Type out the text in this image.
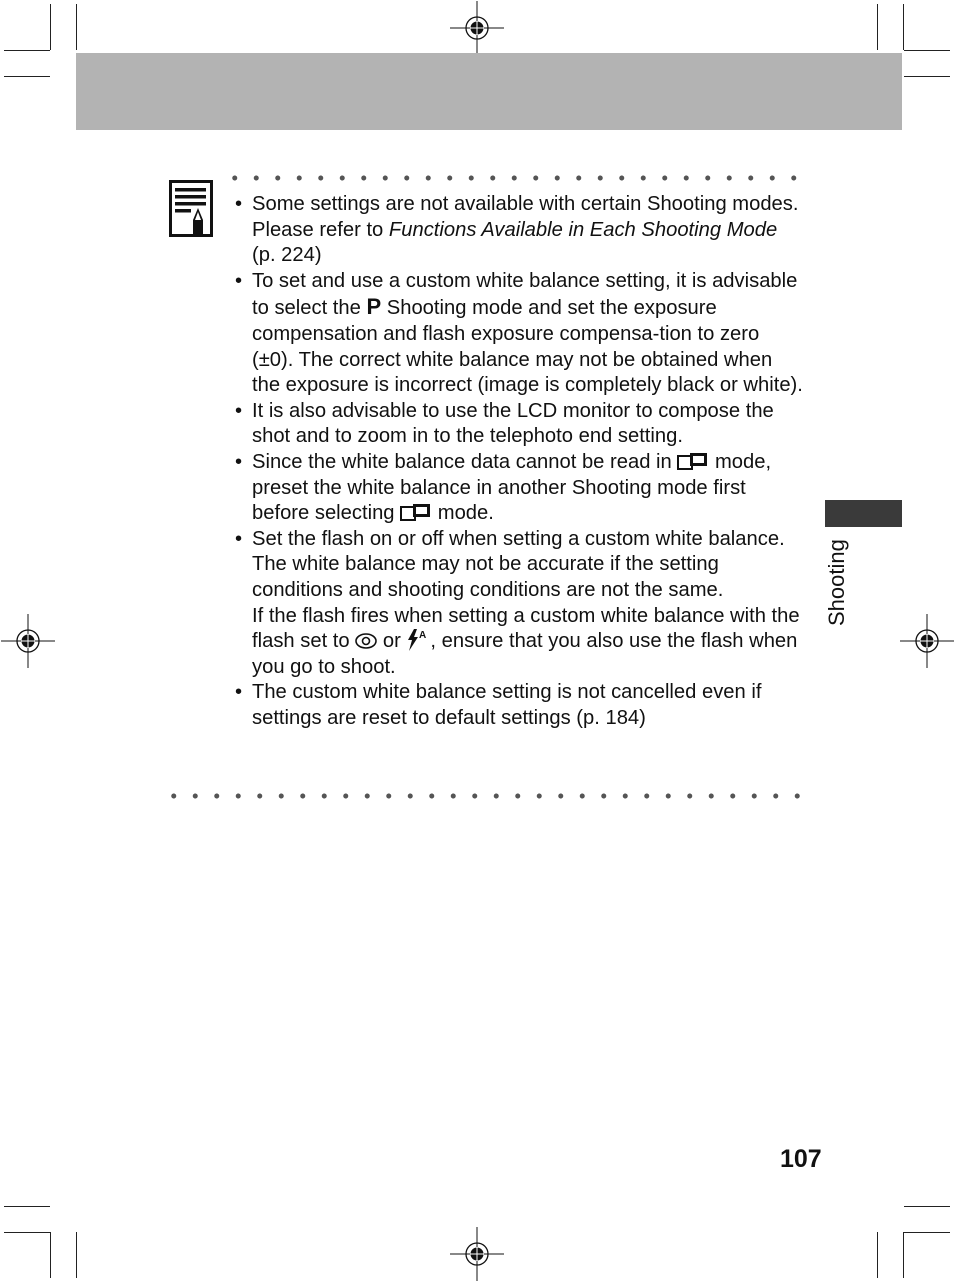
• Some settings are not available with certain Shooting modes. Please refer to Functions Available in Each Shooting Mode (p. 224)
• To set and use a custom white balance setting, it is advisable to select the P Shooting mode and set the exposure compensation and flash exposure compensa-tion to zero (±0). The correct white balance may not be obtained when the exposure is incorrect (image is completely black or white).
• It is also advisable to use the LCD monitor to compose the shot and to zoom in to the telephoto end setting.
• Since the white balance data cannot be read in  mode, preset the white balance in another Shooting mode first before selecting  mode.
• Set the flash on or off when setting a custom white balance.
The white balance may not be accurate if the setting conditions and shooting conditions are not the same.
If the flash fires when setting a custom white balance with the flash set to  or A , ensure that you also use the flash when you go to shoot.
• The custom white balance setting is not cancelled even if settings are reset to default settings (p. 184)
Shooting
107
